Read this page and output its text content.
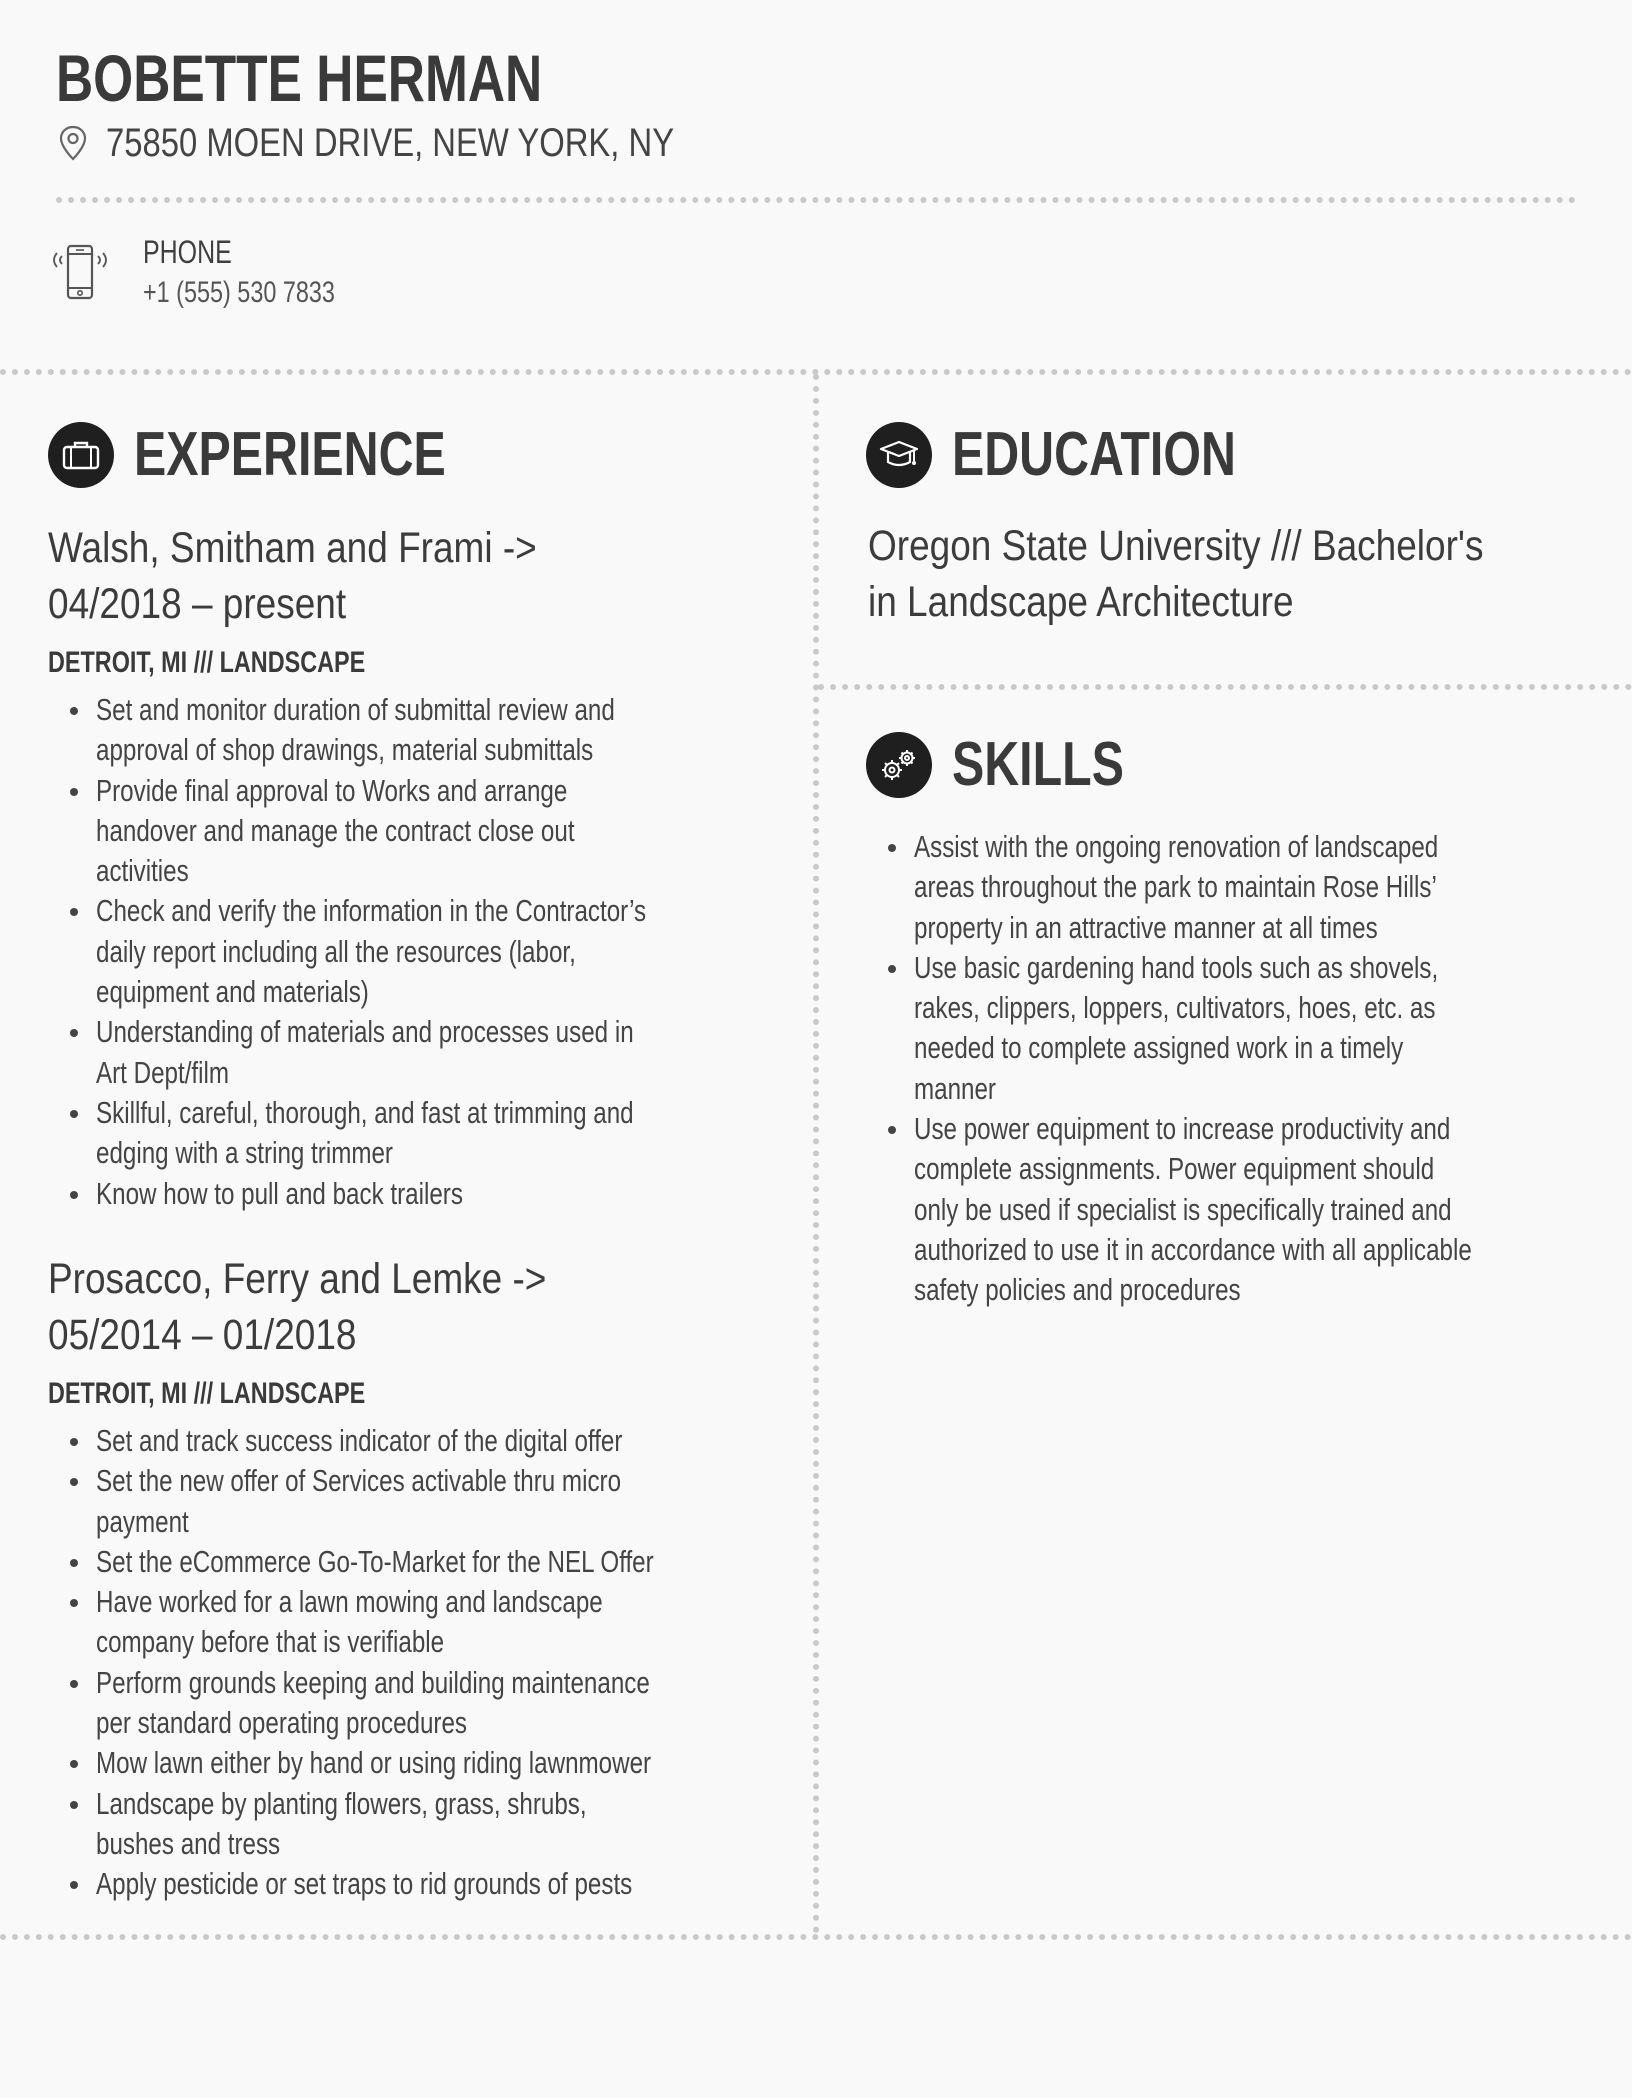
BOBETTE HERMAN
75850 MOEN DRIVE, NEW YORK, NY
PHONE
+1 (555) 530 7833
EXPERIENCE

Walsh, Smitham and Frami -> 04/2018 – present

DETROIT, MI /// LANDSCAPE
Set and monitor duration of submittal review and approval of shop drawings, material submittals
Provide final approval to Works and arrange handover and manage the contract close out activities
Check and verify the information in the Contractor’s daily report including all the resources (labor, equipment and materials)
Understanding of materials and processes used in Art Dept/film
Skillful, careful, thorough, and fast at trimming and edging with a string trimmer
Know how to pull and back trailers

Prosacco, Ferry and Lemke -> 05/2014 – 01/2018

DETROIT, MI /// LANDSCAPE
Set and track success indicator of the digital offer
Set the new offer of Services activable thru micro payment
Set the eCommerce Go-To-Market for the NEL Offer
Have worked for a lawn mowing and landscape company before that is verifiable
Perform grounds keeping and building maintenance per standard operating procedures
Mow lawn either by hand or using riding lawnmower
Landscape by planting flowers, grass, shrubs, bushes and tress
Apply pesticide or set traps to rid grounds of pests
EDUCATION

Oregon State University /// Bachelor's in Landscape Architecture

SKILLS
Assist with the ongoing renovation of landscaped areas throughout the park to maintain Rose Hills’ property in an attractive manner at all times
Use basic gardening hand tools such as shovels, rakes, clippers, loppers, cultivators, hoes, etc. as needed to complete assigned work in a timely manner
Use power equipment to increase productivity and complete assignments. Power equipment should only be used if specialist is specifically trained and authorized to use it in accordance with all applicable safety policies and procedures
